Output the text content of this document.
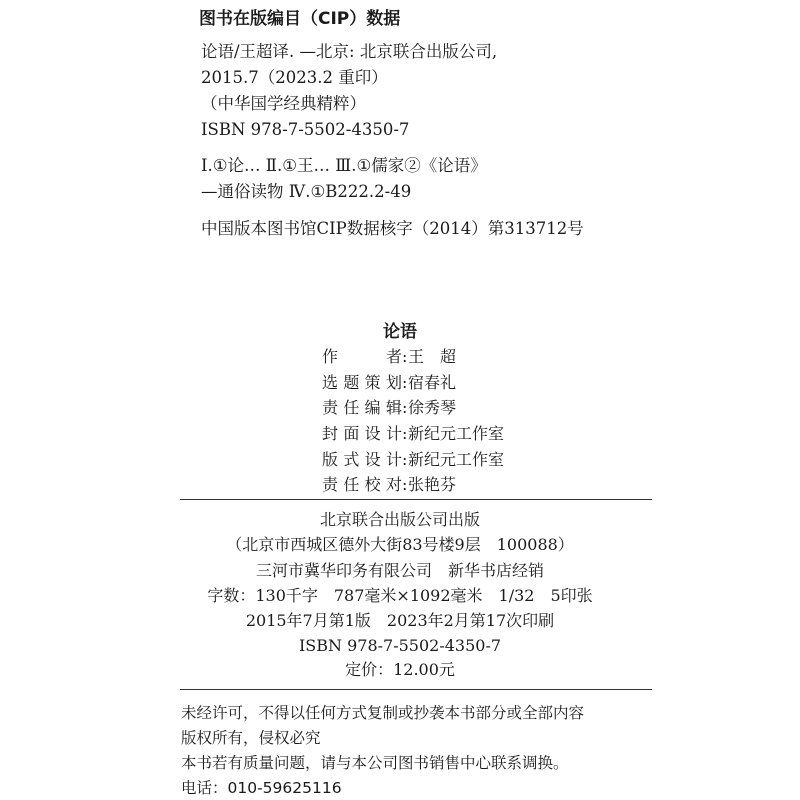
图书在版编目（CIP）数据
论语/王超译. —北京: 北京联合出版公司,
2015.7（2023.2 重印）
（中华国学经典精粹）
ISBN 978-7-5502-4350-7
Ⅰ.①论… Ⅱ.①王… Ⅲ.①儒家②《论语》
—通俗读物 Ⅳ.①B222.2-49
中国版本图书馆CIP数据核字（2014）第313712号
论语
作者 : 王　超
选题策划 : 宿春礼
责任编辑 : 徐秀琴
封面设计 : 新纪元工作室
版式设计 : 新纪元工作室
责任校对 : 张艳芬
北京联合出版公司出版
（北京市西城区德外大街83号楼9层　100088）
三河市冀华印务有限公司　新华书店经销
字数：130千字　787毫米×1092毫米　1/32　5印张
2015年7月第1版　2023年2月第17次印刷
ISBN 978-7-5502-4350-7
定价：12.00元
未经许可，不得以任何方式复制或抄袭本书部分或全部内容
版权所有，侵权必究
本书若有质量问题，请与本公司图书销售中心联系调换。
电话：010-59625116
